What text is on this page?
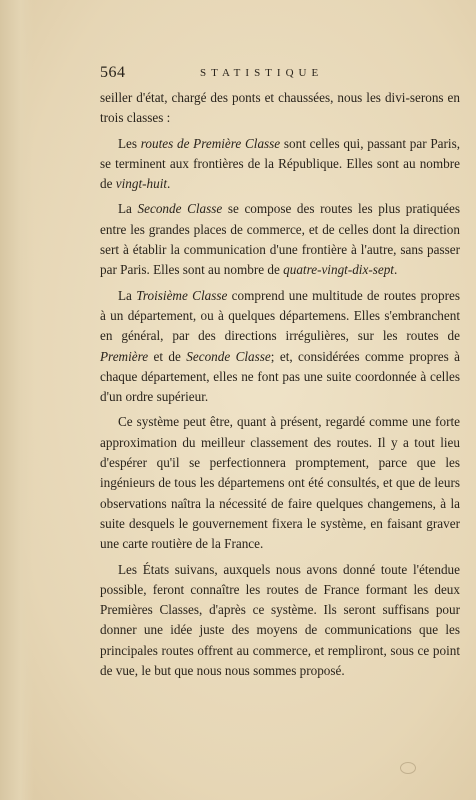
564	STATISTIQUE

seiller d'état, chargé des ponts et chaussées, nous les divi-serons en trois classes :

Les routes de Première Classe sont celles qui, passant par Paris, se terminent aux frontières de la République. Elles sont au nombre de vingt-huit.

La Seconde Classe se compose des routes les plus pratiquées entre les grandes places de commerce, et de celles dont la direction sert à établir la communication d'une frontière à l'autre, sans passer par Paris. Elles sont au nombre de quatre-vingt-dix-sept.

La Troisième Classe comprend une multitude de routes propres à un département, ou à quelques départemens. Elles s'embranchent en général, par des directions irrégulières, sur les routes de Première et de Seconde Classe; et, considérées comme propres à chaque département, elles ne font pas une suite coordonnée à celles d'un ordre supérieur.

Ce système peut être, quant à présent, regardé comme une forte approximation du meilleur classement des routes. Il y a tout lieu d'espérer qu'il se perfectionnera promptement, parce que les ingénieurs de tous les départemens ont été consultés, et que de leurs observations naîtra la nécessité de faire quelques changemens, à la suite desquels le gouvernement fixera le système, en faisant graver une carte routière de la France.

Les États suivans, auxquels nous avons donné toute l'étendue possible, feront connaître les routes de France formant les deux Premières Classes, d'après ce système. Ils seront suffisans pour donner une idée juste des moyens de communications que les principales routes offrent au commerce, et rempliront, sous ce point de vue, le but que nous nous sommes proposé.
